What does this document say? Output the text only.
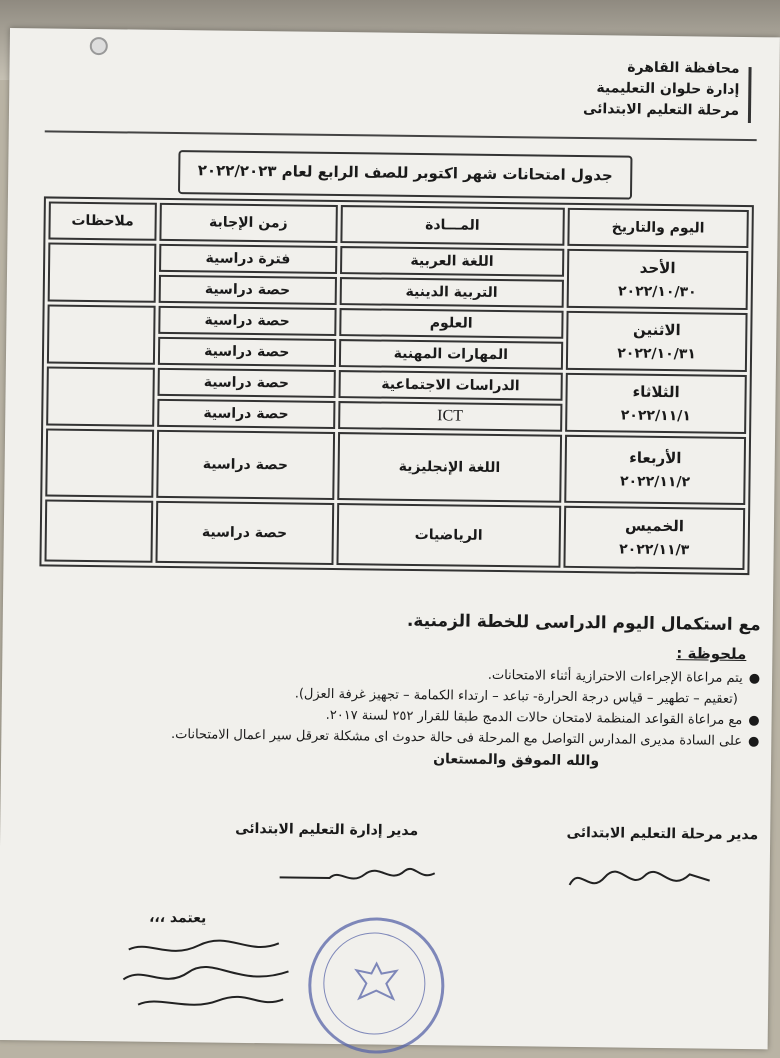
محافظة القاهرة
إدارة حلوان التعليمية
مرحلة التعليم الابتدائى
جدول امتحانات شهر اكتوبر للصف الرابع لعام ٢٠٢٢/٢٠٢٣
اليوم والتاريخ	المـــادة	زمن الإجابة	ملاحظات

الأحد
٢٠٢٢/١٠/٣٠	اللغة العربية	فترة دراسية	
	التربية الدينية	حصة دراسية	

الاثنين
٢٠٢٢/١٠/٣١	العلوم	حصة دراسية	
	المهارات المهنية	حصة دراسية	

الثلاثاء
٢٠٢٢/١١/١	الدراسات الاجتماعية	حصة دراسية	
	ICT	حصة دراسية	

الأربعاء
٢٠٢٢/١١/٢	اللغة الإنجليزية	حصة دراسية	

الخميس
٢٠٢٢/١١/٣	الرياضيات	حصة دراسية	

مع استكمال اليوم الدراسى للخطة الزمنية.

ملحوظة :

●يتم مراعاة الإجراءات الاحترازية أثناء الامتحانات.

(تعقيم – تطهير – قياس درجة الحرارة- تباعد – ارتداء الكمامة – تجهيز غرفة العزل).

●مع مراعاة القواعد المنظمة لامتحان حالات الدمج طبقا للقرار ٢٥٢ لسنة ٢٠١٧.

●على السادة مديرى المدارس التواصل مع المرحلة فى حالة حدوث اى مشكلة تعرقل سير اعمال الامتحانات.

والله الموفق والمستعان

مدير مرحلة التعليم الابتدائى
مدير إدارة التعليم الابتدائى
يعتمد ،،،
